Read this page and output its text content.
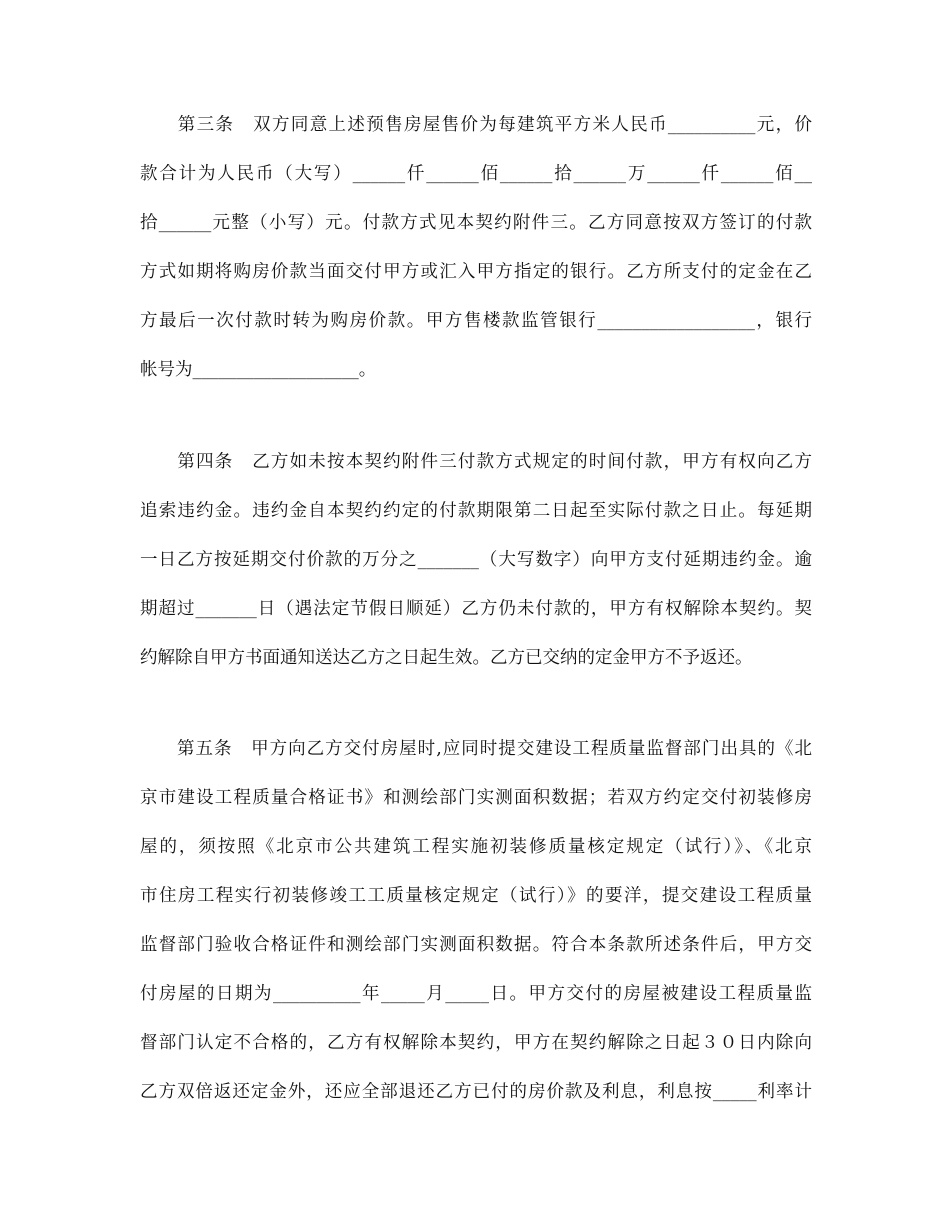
　　第三条　双方同意上述预售房屋售价为每建筑平方米人民币__________元，价
款合计为人民币（大写）______仟______佰______拾______万______仟______佰__
拾______元整（小写）元。付款方式见本契约附件三。乙方同意按双方签订的付款
方式如期将购房价款当面交付甲方或汇入甲方指定的银行。乙方所支付的定金在乙
方最后一次付款时转为购房价款。甲方售楼款监管银行__________________，银行
帐号为___________________。
　　第四条　乙方如未按本契约附件三付款方式规定的时间付款，甲方有权向乙方
追索违约金。违约金自本契约约定的付款期限第二日起至实际付款之日止。每延期
一日乙方按延期交付价款的万分之_______（大写数字）向甲方支付延期违约金。逾
期超过_______日（遇法定节假日顺延）乙方仍未付款的，甲方有权解除本契约。契
约解除自甲方书面通知送达乙方之日起生效。乙方已交纳的定金甲方不予返还。
　　第五条　甲方向乙方交付房屋时,应同时提交建设工程质量监督部门出具的《北
京市建设工程质量合格证书》和测绘部门实测面积数据；若双方约定交付初装修房
屋的，须按照《北京市公共建筑工程实施初装修质量核定规定（试行）》、《北京
市住房工程实行初装修竣工工质量核定规定（试行）》的要洋，提交建设工程质量
监督部门验收合格证件和测绘部门实测面积数据。符合本条款所述条件后，甲方交
付房屋的日期为__________年_____月_____日。甲方交付的房屋被建设工程质量监
督部门认定不合格的，乙方有权解除本契约，甲方在契约解除之日起３０日内除向
乙方双倍返还定金外，还应全部退还乙方已付的房价款及利息，利息按_____利率计
